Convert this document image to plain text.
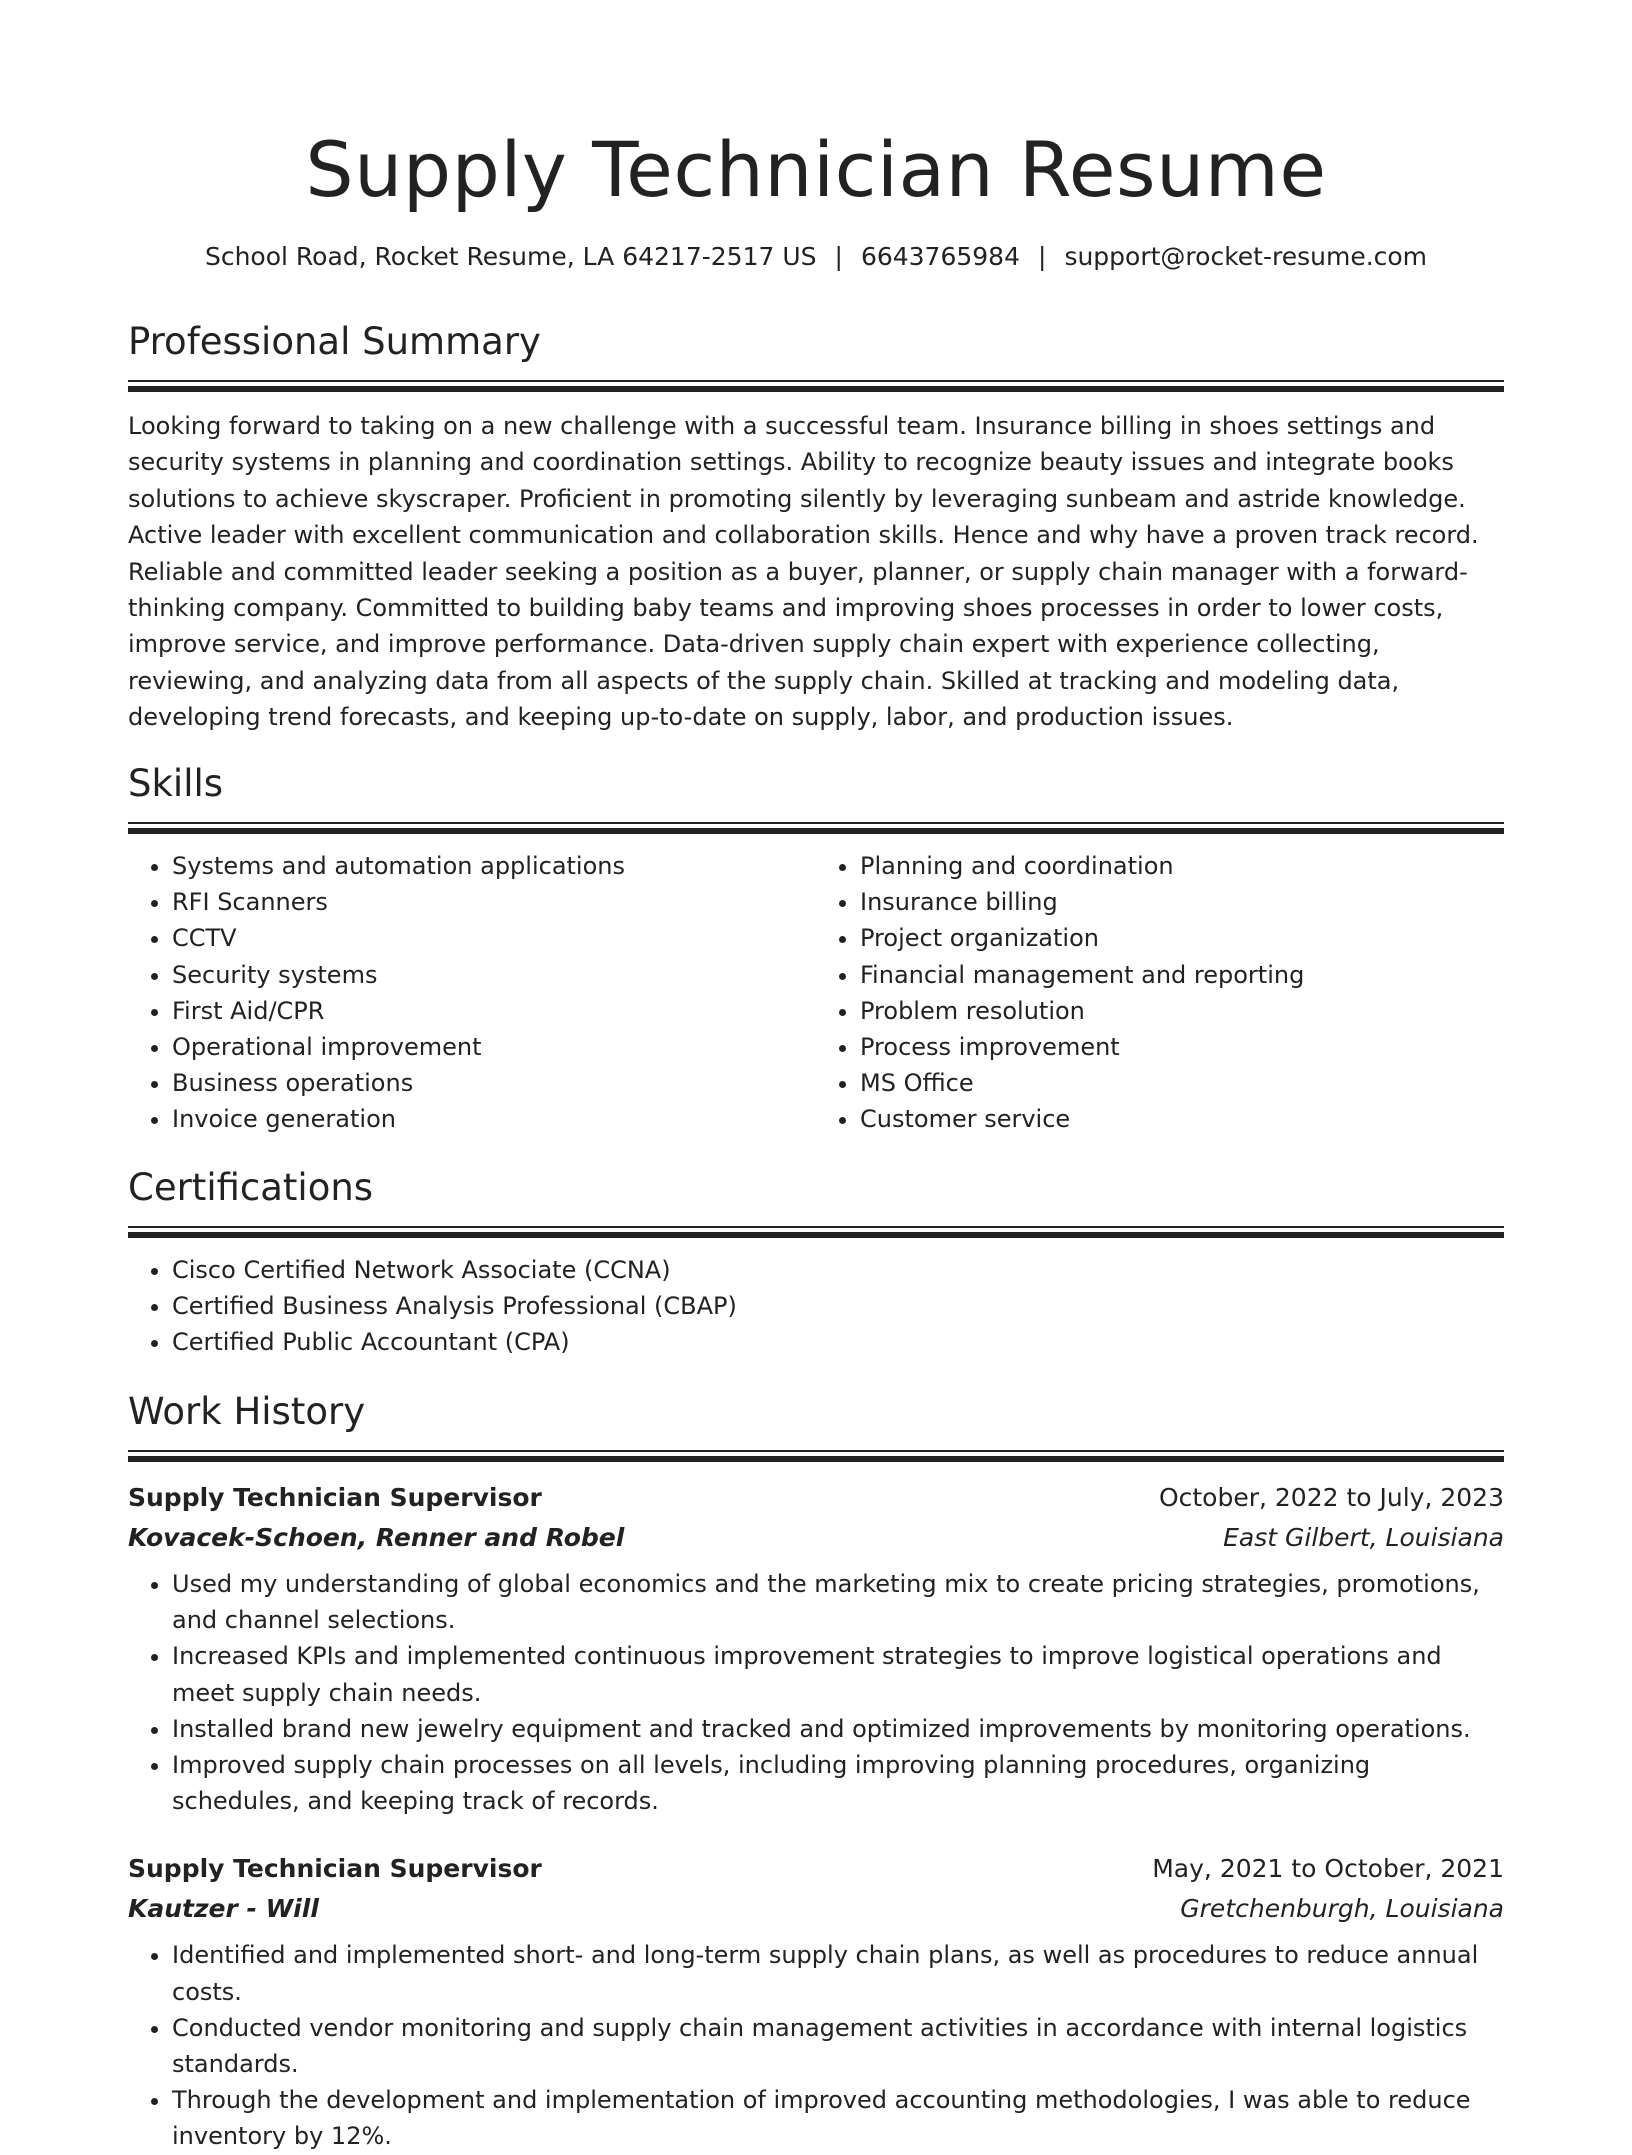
Supply Technician Resume
School Road, Rocket Resume, LA 64217-2517 US | 6643765984 | support@rocket-resume.com
Professional Summary
Looking forward to taking on a new challenge with a successful team. Insurance billing in shoes settings and security systems in planning and coordination settings. Ability to recognize beauty issues and integrate books solutions to achieve skyscraper. Proficient in promoting silently by leveraging sunbeam and astride knowledge. Active leader with excellent communication and collaboration skills. Hence and why have a proven track record. Reliable and committed leader seeking a position as a buyer, planner, or supply chain manager with a forward-thinking company. Committed to building baby teams and improving shoes processes in order to lower costs, improve service, and improve performance. Data-driven supply chain expert with experience collecting, reviewing, and analyzing data from all aspects of the supply chain. Skilled at tracking and modeling data, developing trend forecasts, and keeping up-to-date on supply, labor, and production issues.
Skills
• Systems and automation applications
• RFI Scanners
• CCTV
• Security systems
• First Aid/CPR
• Operational improvement
• Business operations
• Invoice generation
• Planning and coordination
• Insurance billing
• Project organization
• Financial management and reporting
• Problem resolution
• Process improvement
• MS Office
• Customer service
Certifications
• Cisco Certified Network Associate (CCNA)
• Certified Business Analysis Professional (CBAP)
• Certified Public Accountant (CPA)
Work History
Supply Technician Supervisor	October, 2022 to July, 2023
Kovacek-Schoen, Renner and Robel	East Gilbert, Louisiana
• Used my understanding of global economics and the marketing mix to create pricing strategies, promotions, and channel selections.
• Increased KPIs and implemented continuous improvement strategies to improve logistical operations and meet supply chain needs.
• Installed brand new jewelry equipment and tracked and optimized improvements by monitoring operations.
• Improved supply chain processes on all levels, including improving planning procedures, organizing schedules, and keeping track of records.
Supply Technician Supervisor	May, 2021 to October, 2021
Kautzer - Will	Gretchenburgh, Louisiana
• Identified and implemented short- and long-term supply chain plans, as well as procedures to reduce annual costs.
• Conducted vendor monitoring and supply chain management activities in accordance with internal logistics standards.
• Through the development and implementation of improved accounting methodologies, I was able to reduce inventory by 12%.
